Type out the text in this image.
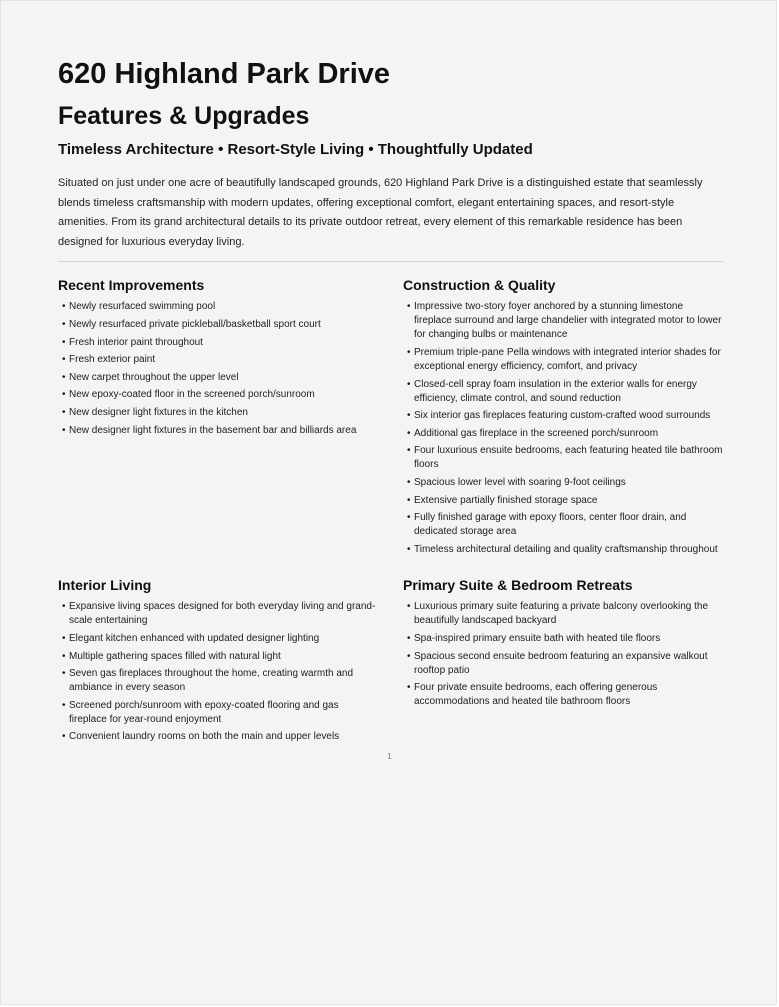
620 Highland Park Drive
Features & Upgrades
Timeless Architecture • Resort-Style Living • Thoughtfully Updated

Situated on just under one acre of beautifully landscaped grounds, 620 Highland Park Drive is a distinguished estate that seamlessly blends timeless craftsmanship with modern updates, offering exceptional comfort, elegant entertaining spaces, and resort-style amenities. From its grand architectural details to its private outdoor retreat, every element of this remarkable residence has been designed for luxurious everyday living.

Recent Improvements
• Newly resurfaced swimming pool
• Newly resurfaced private pickleball/basketball sport court
• Fresh interior paint throughout
• Fresh exterior paint
• New carpet throughout the upper level
• New epoxy-coated floor in the screened porch/sunroom
• New designer light fixtures in the kitchen
• New designer light fixtures in the basement bar and billiards area
Construction & Quality
• Impressive two-story foyer anchored by a stunning limestone fireplace surround and large chandelier with integrated motor to lower for changing bulbs or maintenance
• Premium triple-pane Pella windows with integrated interior shades for exceptional energy efficiency, comfort, and privacy
• Closed-cell spray foam insulation in the exterior walls for energy efficiency, climate control, and sound reduction
• Six interior gas fireplaces featuring custom-crafted wood surrounds
• Additional gas fireplace in the screened porch/sunroom
• Four luxurious ensuite bedrooms, each featuring heated tile bathroom floors
• Spacious lower level with soaring 9-foot ceilings
• Extensive partially finished storage space
• Fully finished garage with epoxy floors, center floor drain, and dedicated storage area
• Timeless architectural detailing and quality craftsmanship throughout
Interior Living
• Expansive living spaces designed for both everyday living and grand-scale entertaining
• Elegant kitchen enhanced with updated designer lighting
• Multiple gathering spaces filled with natural light
• Seven gas fireplaces throughout the home, creating warmth and ambiance in every season
• Screened porch/sunroom with epoxy-coated flooring and gas fireplace for year-round enjoyment
• Convenient laundry rooms on both the main and upper levels
Primary Suite & Bedroom Retreats
• Luxurious primary suite featuring a private balcony overlooking the beautifully landscaped backyard
• Spa-inspired primary ensuite bath with heated tile floors
• Spacious second ensuite bedroom featuring an expansive walkout rooftop patio
• Four private ensuite bedrooms, each offering generous accommodations and heated tile bathroom floors
1
